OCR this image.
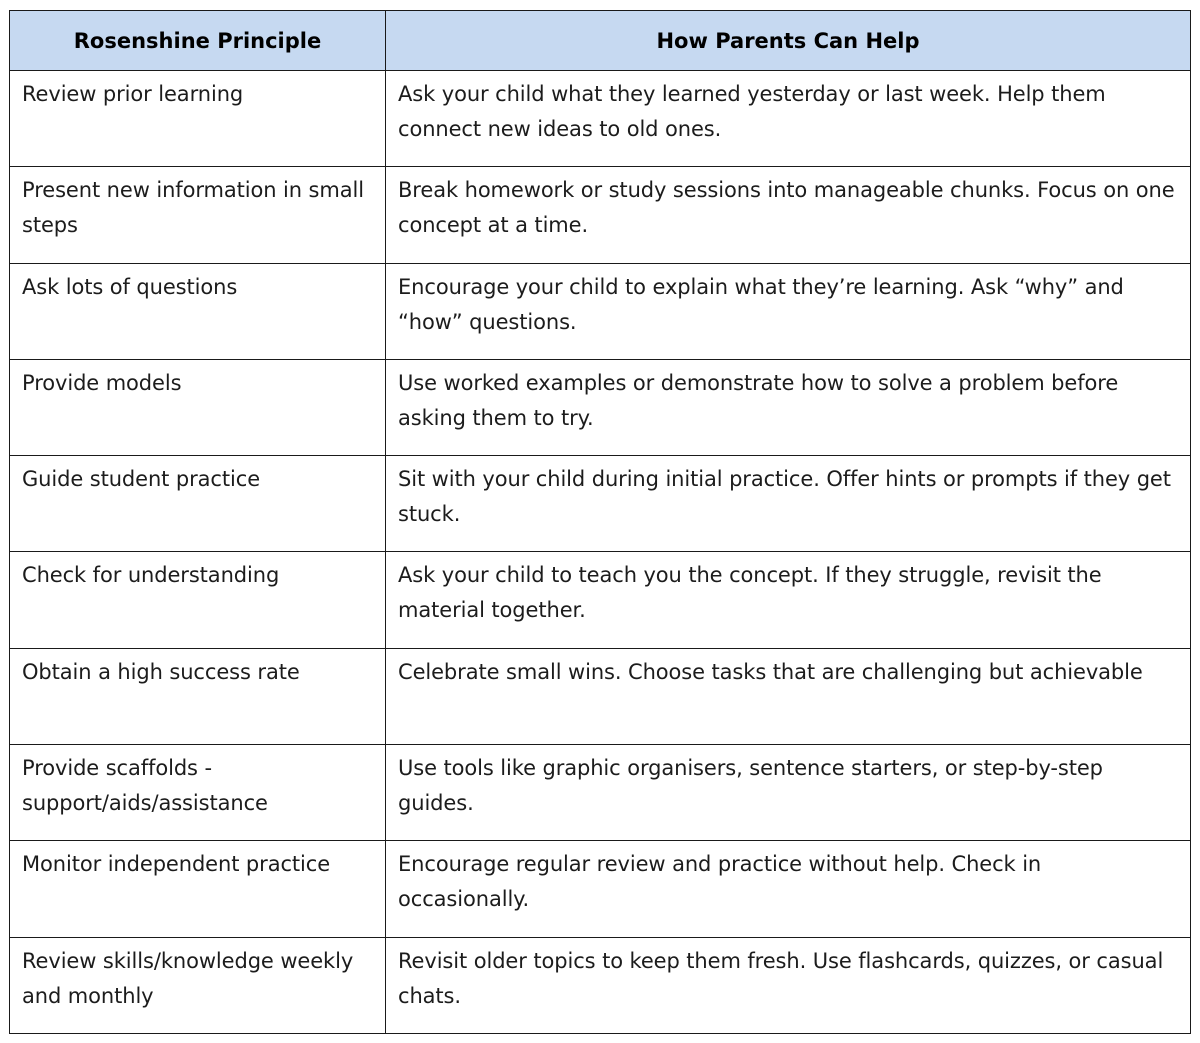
Rosenshine Principle	How Parents Can Help
Review prior learning	Ask your child what they learned yesterday or last week. Help them connect new ideas to old ones.
Present new information in small steps	Break homework or study sessions into manageable chunks. Focus on one concept at a time.
Ask lots of questions	Encourage your child to explain what they’re learning. Ask “why” and “how” questions.
Provide models	Use worked examples or demonstrate how to solve a problem before asking them to try.
Guide student practice	Sit with your child during initial practice. Offer hints or prompts if they get stuck.
Check for understanding	Ask your child to teach you the concept. If they struggle, revisit the material together.
Obtain a high success rate	Celebrate small wins. Choose tasks that are challenging but achievable
Provide scaffolds - support/aids/assistance	Use tools like graphic organisers, sentence starters, or step-by-step guides.
Monitor independent practice	Encourage regular review and practice without help. Check in occasionally.
Review skills/knowledge weekly and monthly	Revisit older topics to keep them fresh. Use flashcards, quizzes, or casual chats.
